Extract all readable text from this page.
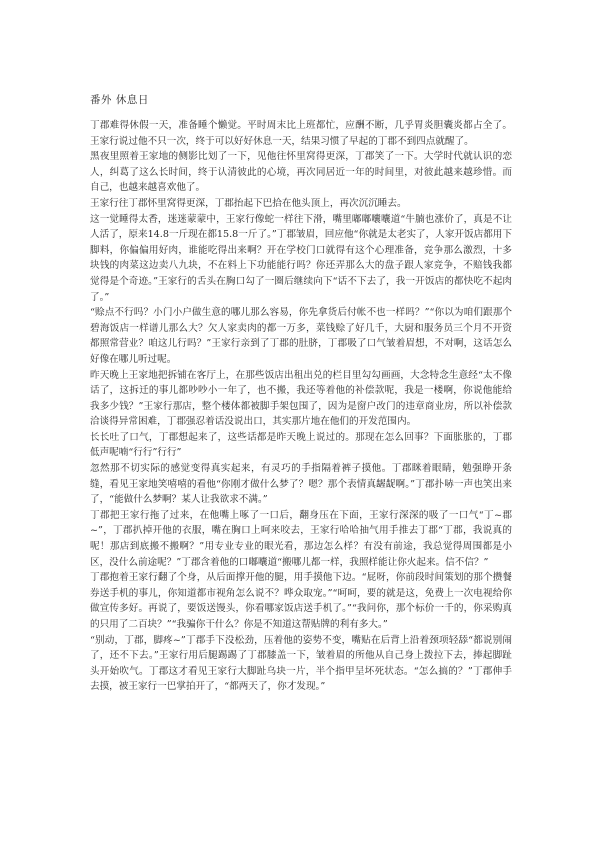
番外 休息日

丁郡难得休假一天，准备睡个懒觉。平时周末比上班都忙，应酬不断，几乎胃炎胆囊炎都占全了。王家行说过他不只一次，终于可以好好休息一天，结果习惯了早起的丁郡不到四点就醒了。

黑夜里照着王家地的侧影比划了一下，见他往怀里窝得更深，丁郡笑了一下。大学时代就认识的恋人，纠葛了这么长时间，终于认清彼此的心境，再次同居近一年的时间里，对彼此越来越珍惜。而自己，也越来越喜欢他了。

王家行往丁郡怀里窝得更深，丁郡抬起下巴拾在他头顶上，再次沉沉睡去。

这一觉睡得太香，迷迷蒙蒙中，王家行像蛇一样往下滑，嘴里嘟嘟囔囔道“牛腩也涨价了，真是不让人活了，原来14.8一斤现在都15.8一斤了。”丁郡皱眉，回应他“你就是太老实了，人家开饭店都用下脚料，你偏偏用好肉，谁能吃得出来啊？开在学校门口就得有这个心理准备，竞争那么激烈，十多块钱的肉菜这边卖八九块，不在料上下功能能行吗？你还弄那么大的盘子跟人家竞争，不赔钱我都觉得是个奇迹。”王家行的舌头在胸口勾了一圈后继续向下“话不下去了，我一开饭店的都快吃不起肉了。”

“赊点不行吗？小门小户做生意的哪儿那么容易，你先拿货后付帐不也一样吗？”“你以为咱们跟那个碧海饭店一样谱儿那么大？欠人家卖肉的都一万多，菜钱赊了好几千，大厨和服务员三个月不开资都照常营业？咱这儿行吗？”王家行亲到了丁郡的肚脐，丁郡吸了口气皱着眉想，不对啊，这话怎么好像在哪儿听过呢。

昨天晚上王家地把拆铺在客厅上，在那些饭店出租出兑的栏目里勾勾画画，大念特念生意经“太不像话了，这拆迁的事儿都吵吵小一年了，也不搬，我还等着他的补偿款呢，我是一楼啊，你说他能给我多少钱？”王家行那店，整个楼体都被脚手架包围了，因为是窗户改门的违章商业房，所以补偿款洽谈得异常困难，丁郡强忍着话没说出口，其实那片地在他们的开发范围内。

长长吐了口气，丁郡想起来了，这些话都是昨天晚上说过的。那现在怎么回事？下面胀胀的，丁郡低声呢喃“行行”行行”

忽然那不切实际的感觉变得真实起来，有灵巧的手指隔着裤子摸他。丁郡眯着眼睛，勉强睁开条缝，看见王家地笑嘻嘻的看他“你刚才做什么梦了？嗯？那个表情真龌龊啊。”丁郡扑哧一声也笑出来了，“能做什么梦啊？某人让我欲求不满。”

丁郡把王家行拖了过来，在他嘴上啄了一口后，翻身压在下面，王家行深深的吸了一口气“丁~郡~”，丁郡扒掉开他的衣服，嘴在胸口上呵来咬去，王家行哈哈抽气用手推去丁郡“丁郡，我说真的呢！那店到底搬不搬啊？”用专业专业的眼光看，那边怎么样？有没有前途，我总觉得周围都是小区，没什么前途呢？”丁郡含着他的口嘟囔道“搬哪儿都一样，我照样能让你火起来。信不信？”

丁郡抱着王家行翻了个身，从后面撑开他的腿，用手摸他下边。“屁呀，你前段时间策划的那个攒餐券送手机的事儿，你知道都市视角怎么说不？哗众取宠。”“呵呵，要的就是这，免费上一次电视给你做宣传多好。再说了，要饭送馒头，你看哪家饭店送手机了。”“我问你，那个标价一千的，你采购真的只用了二百块？”“我骗你干什么？你是不知道这帮贴牌的利有多大。”

“别动，丁郡，脚疼~”丁郡手下没松劲，压着他的姿势不变，嘴贴在后背上沿着颈项轻舔“都说别闹了，还不下去。”王家行用后腿踢踢了丁郡膝盖一下，皱着眉的所他从自己身上拨拉下去，捧起脚趾头开始吹气。丁郡这才看见王家行大脚趾乌块一片，半个指甲呈坏死状态。“怎么搞的？”丁郡伸手去摸，被王家行一巴掌拍开了，“都两天了，你才发现。”
